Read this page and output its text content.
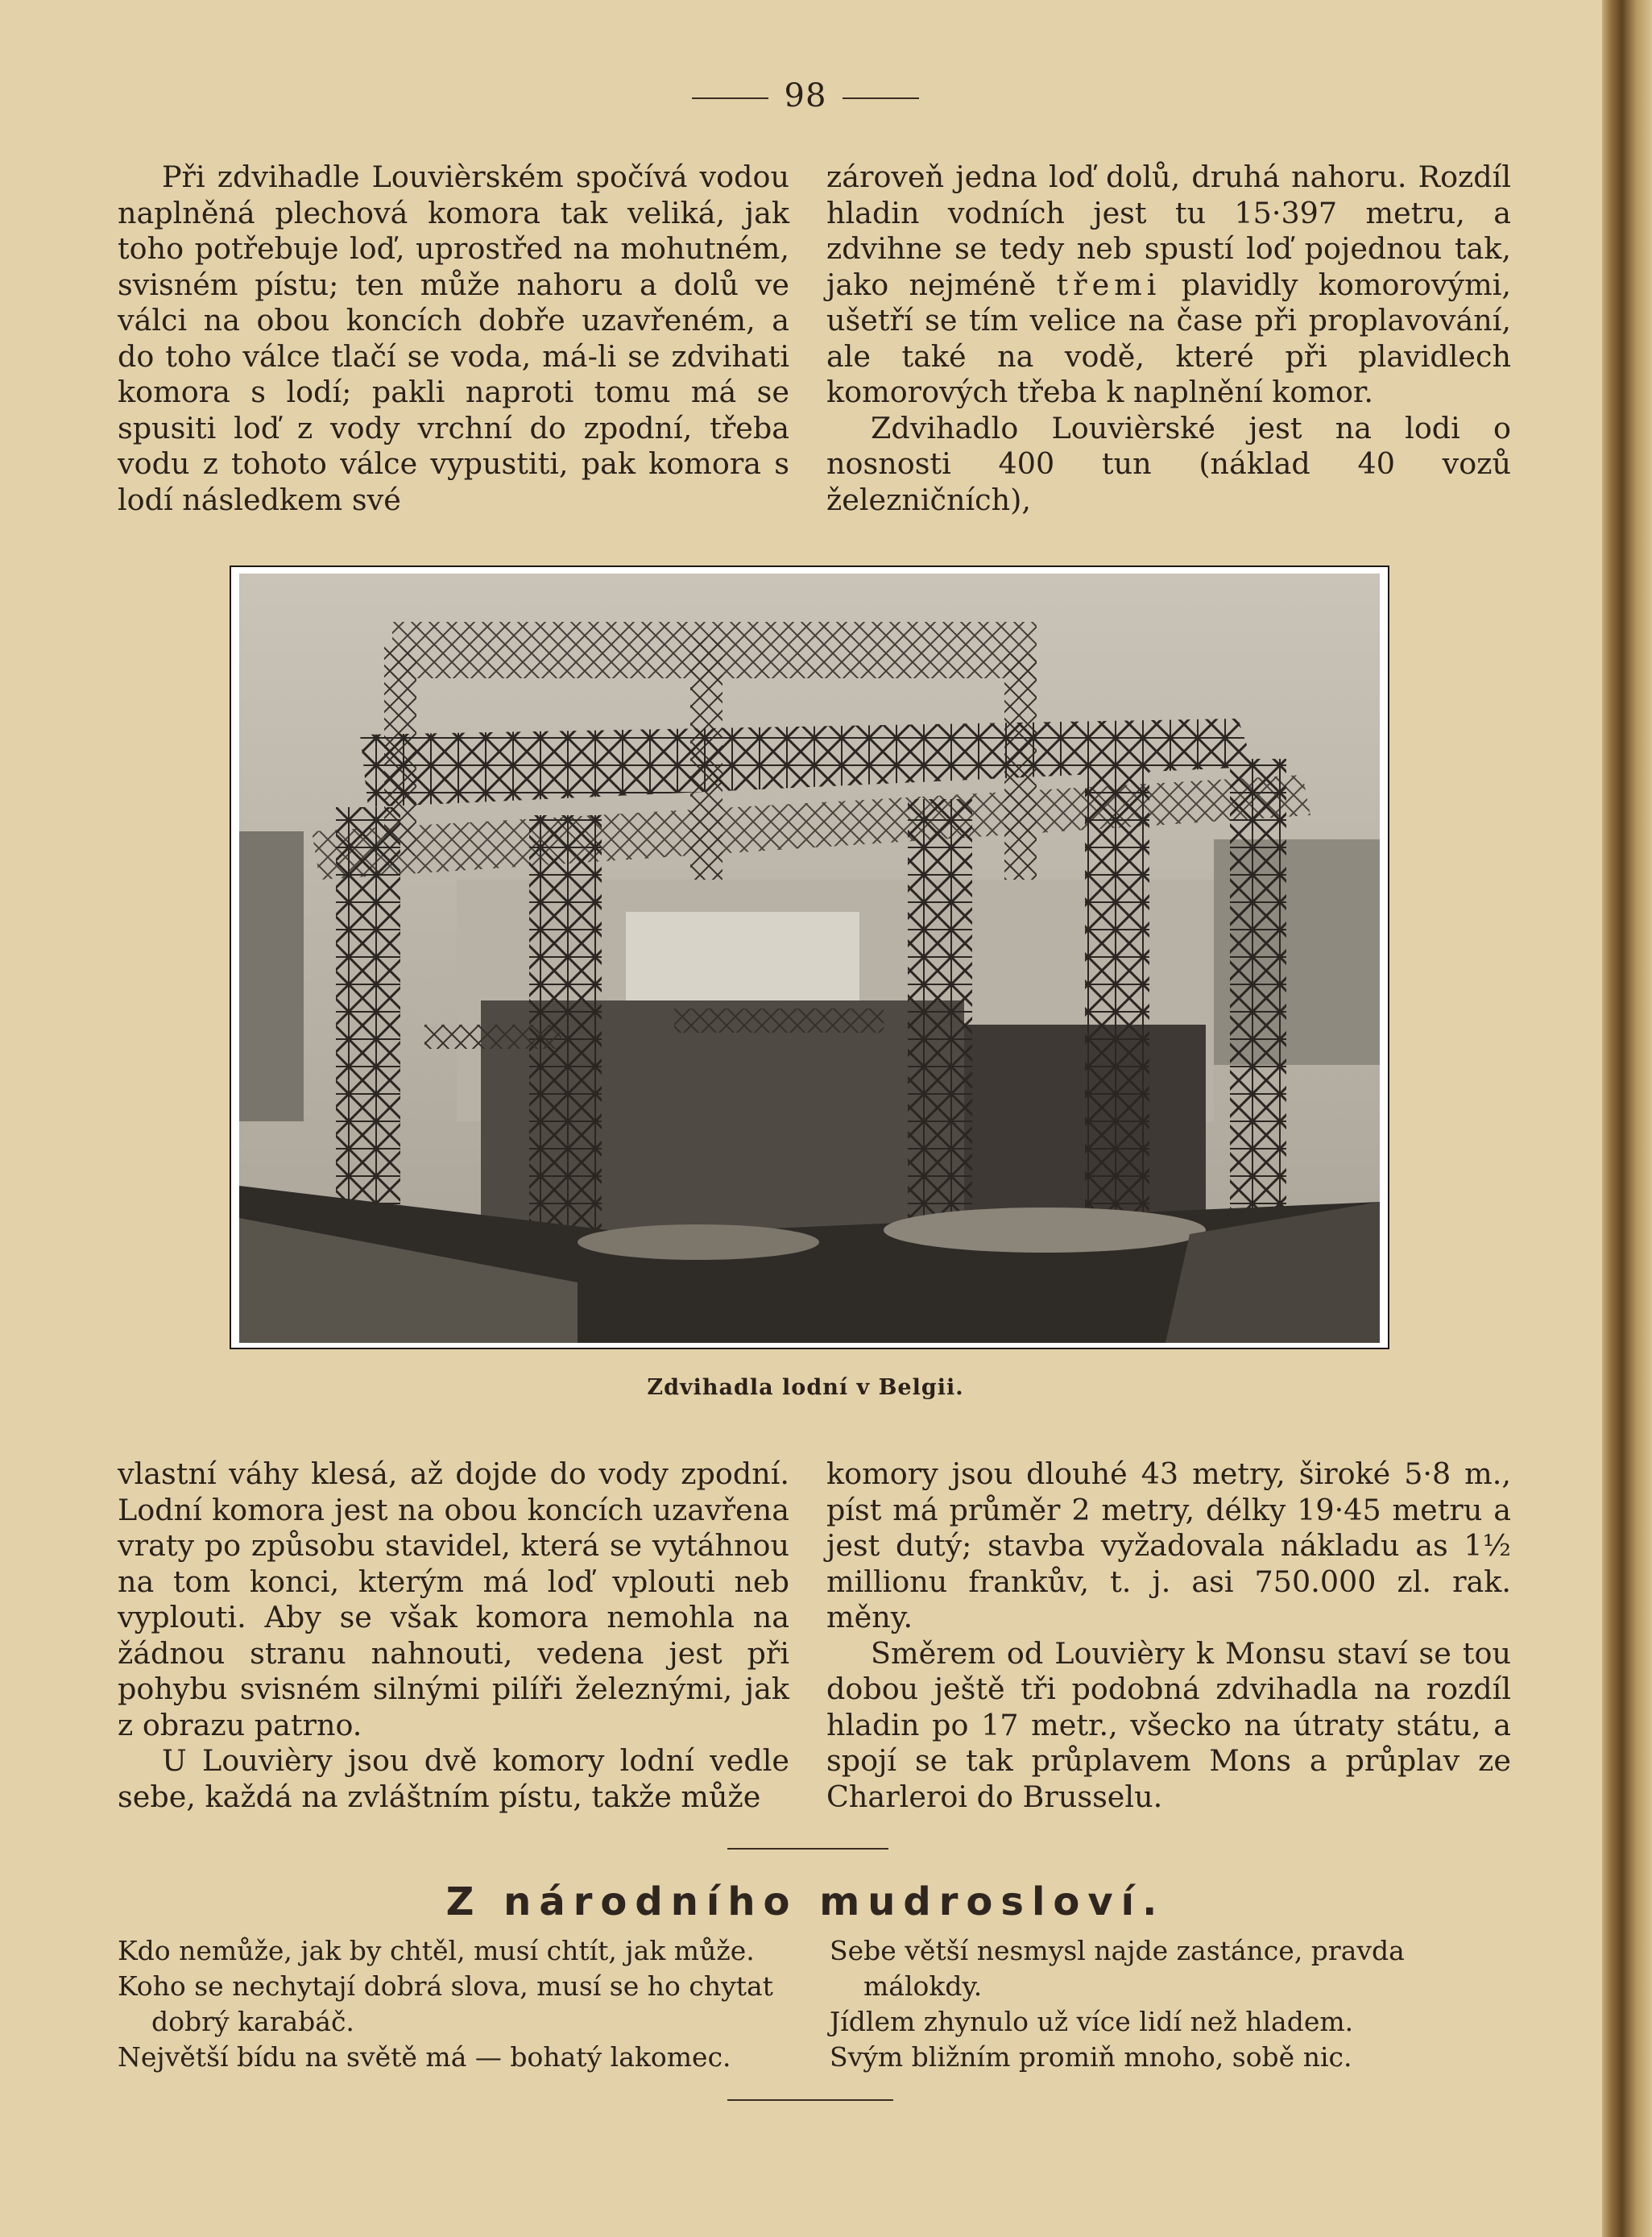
98

Při zdvihadle Louvièrském spočívá vodou naplněná plechová komora tak veliká, jak toho potřebuje loď, uprostřed na mohutném, svisném pístu; ten může nahoru a dolů ve válci na obou koncích dobře uzavřeném, a do toho válce tlačí se voda, má-li se zdvihati komora s lodí; pakli naproti tomu má se spusiti loď z vody vrchní do zpodní, třeba vodu z tohoto válce vypustiti, pak komora s lodí následkem své

zároveň jedna loď dolů, druhá nahoru. Rozdíl hladin vodních jest tu 15·397 metru, a zdvihne se tedy neb spustí loď pojednou tak, jako nejméně třemi plavidly komorovými, ušetří se tím velice na čase při proplavování, ale také na vodě, které při plavidlech komorových třeba k naplnění komor.

Zdvihadlo Louvièrské jest na lodi o nosnosti 400 tun (náklad 40 vozů železničních),

Zdvihadla lodní v Belgii.

vlastní váhy klesá, až dojde do vody zpodní. Lodní komora jest na obou koncích uzavřena vraty po způsobu stavidel, která se vytáhnou na tom konci, kterým má loď vplouti neb vyplouti. Aby se však komora nemohla na žádnou stranu nahnouti, vedena jest při pohybu svisném silnými pilíři železnými, jak z obrazu patrno.

U Louvièry jsou dvě komory lodní vedle sebe, každá na zvláštním pístu, takže může

komory jsou dlouhé 43 metry, široké 5·8 m., píst má průměr 2 metry, délky 19·45 metru a jest dutý; stavba vyžadovala nákladu as 1½ millionu frankův, t. j. asi 750.000 zl. rak. měny.

Směrem od Louvièry k Monsu staví se tou dobou ještě tři podobná zdvihadla na rozdíl hladin po 17 metr., všecko na útraty státu, a spojí se tak průplavem Mons a průplav ze Charleroi do Brusselu.

Z národního mudrosloví.
Kdo nemůže, jak by chtěl, musí chtít, jak může.
Koho se nechytají dobrá slova, musí se ho chytat
dobrý karabáč.
Největší bídu na světě má — bohatý lakomec.
Sebe větší nesmysl najde zastánce, pravda
málokdy.
Jídlem zhynulo už více lidí než hladem.
Svým bližním promiň mnoho, sobě nic.
